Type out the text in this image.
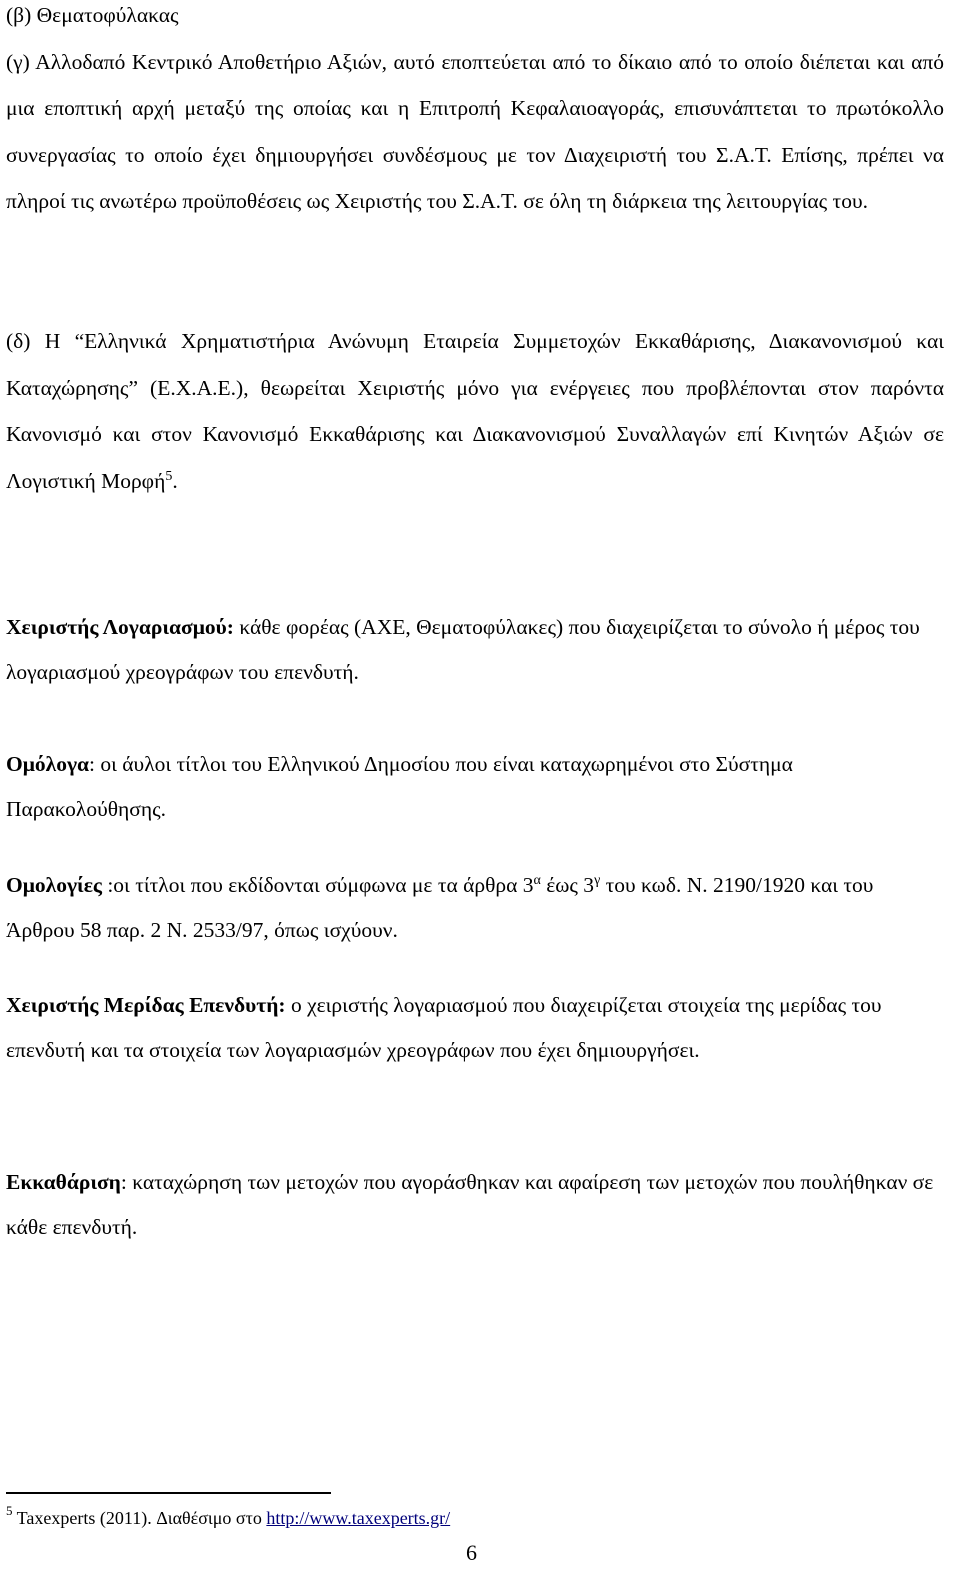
(β) Θεματοφύλακας
(γ) Αλλοδαπό Κεντρικό Αποθετήριο Αξιών, αυτό εποπτεύεται από το δίκαιο από το οποίο διέπεται και από μια εποπτική αρχή μεταξύ της οποίας και η Επιτροπή Κεφαλαιοαγοράς, επισυνάπτεται το πρωτόκολλο συνεργασίας το οποίο έχει δημιουργήσει συνδέσμους με τον Διαχειριστή του Σ.Α.Τ. Επίσης, πρέπει να πληροί τις ανωτέρω προϋποθέσεις ως Χειριστής του Σ.Α.Τ. σε όλη τη διάρκεια της λειτουργίας του.
(δ) Η “Ελληνικά Χρηματιστήρια Ανώνυμη Εταιρεία Συμμετοχών Εκκαθάρισης, Διακανονισμού και Καταχώρησης” (Ε.Χ.Α.Ε.), θεωρείται Χειριστής μόνο για ενέργειες που προβλέπονται στον παρόντα Κανονισμό και στον Κανονισμό Εκκαθάρισης και Διακανονισμού Συναλλαγών επί Κινητών Αξιών σε Λογιστική Μορφή$^5$.

Χειριστής Λογαριασμού: κάθε φορέας (ΑΧΕ, Θεματοφύλακες) που διαχειρίζεται το σύνολο ή μέρος του λογαριασμού χρεογράφων του επενδυτή.

Ομόλογα: οι άυλοι τίτλοι του Ελληνικού Δημοσίου που είναι καταχωρημένοι στο Σύστημα Παρακολούθησης.

Ομολογίες :οι τίτλοι που εκδίδονται σύμφωνα με τα άρθρα $3^\alpha$ έως $3^\gamma$ του κωδ. Ν. 2190/1920 και του Άρθρου 58 παρ. 2 Ν. 2533/97, όπως ισχύουν.

Χειριστής Μερίδας Επενδυτή: ο χειριστής λογαριασμού που διαχειρίζεται στοιχεία της μερίδας του επενδυτή και τα στοιχεία των λογαριασμών χρεογράφων που έχει δημιουργήσει.

Εκκαθάριση: καταχώρηση των μετοχών που αγοράσθηκαν και αφαίρεση των μετοχών που πουλήθηκαν σε κάθε επενδυτή.

$^5$ Taxexperts (2011). Διαθέσιμο στο http://www.taxexperts.gr/
6
